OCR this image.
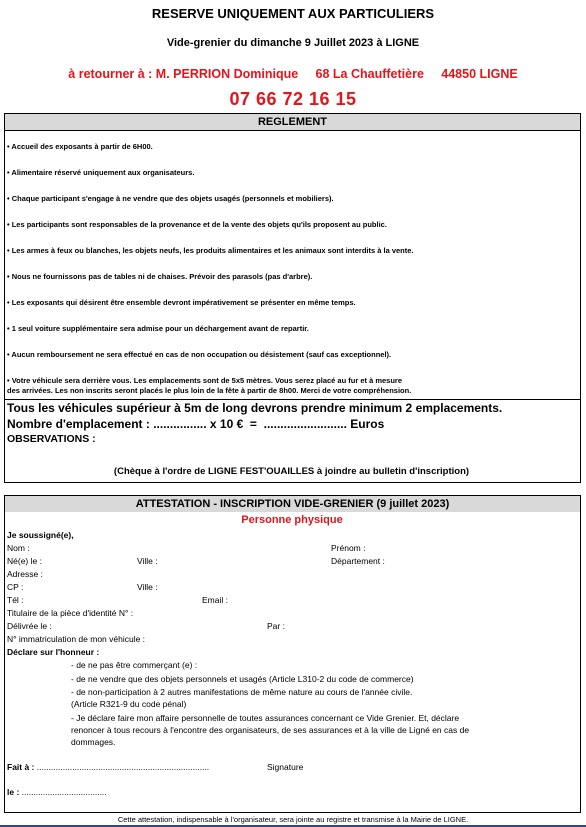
RESERVE UNIQUEMENT AUX PARTICULIERS
Vide-grenier du dimanche 9 Juillet 2023 à LIGNE
à retourner à : M. PERRION Dominique     68 La Chauffetière     44850 LIGNE
07 66 72 16 15
REGLEMENT
• Accueil des exposants à partir de 6H00.
• Alimentaire réservé uniquement aux organisateurs.
• Chaque participant s'engage à ne vendre que des objets usagés (personnels et mobiliers).
• Les participants sont responsables de la provenance et de la vente des objets qu'ils proposent au public.
• Les armes à feux ou blanches, les objets neufs, les produits alimentaires et les animaux sont interdits à la vente.
• Nous ne fournissons pas de tables ni de chaises. Prévoir des parasols (pas d'arbre).
• Les exposants qui désirent être ensemble devront impérativement se présenter en même temps.
• 1 seul voiture supplémentaire sera admise pour un déchargement avant de repartir.
• Aucun remboursement ne sera effectué en cas de non occupation ou désistement (sauf cas exceptionnel).
• Votre véhicule sera derrière vous. Les emplacements sont de 5x5 mètres. Vous serez placé au fur et à mesure
des arrivées. Les non inscrits seront placés le plus loin de la fête à partir de 8h00. Merci de votre compréhension.
Tous les véhicules supérieur à 5m de long devrons prendre minimum 2 emplacements.
Nombre d'emplacement : ................ x 10 €  =  ......................... Euros
OBSERVATIONS :
(Chèque à l'ordre de LIGNE FEST'OUAILLES à joindre au bulletin d'inscription)
ATTESTATION - INSCRIPTION VIDE-GRENIER (9 juillet 2023)
Personne physique
Je soussigné(e),
Nom :	Prénom :
Né(e) le :	Ville :	Département :
Adresse :
CP :	Ville :
Tél :	Email :
Titulaire de la pièce d'identité N° :
Délivrée le :	Par :
N° immatriculation de mon véhicule :
Déclare sur l'honneur :
- de ne pas être commerçant (e) :
- de ne vendre que des objets personnels et usagés (Article L310-2 du code de commerce)
- de non-participation à 2 autres manifestations de même nature au cours de l'année civile.
(Article R321-9 du code pénal)
- Je déclare faire mon affaire personnelle de toutes assurances concernant ce Vide Grenier. Et, déclare
renoncer à tous recours à l'encontre des organisateurs, de ses assurances et à la ville de Ligné en cas de
dommages.
Fait à : .........................................................................	Signature
le : ....................................
Cette attestation, indispensable à l'organisateur, sera jointe au registre et transmise à la Mairie de LIGNE.
